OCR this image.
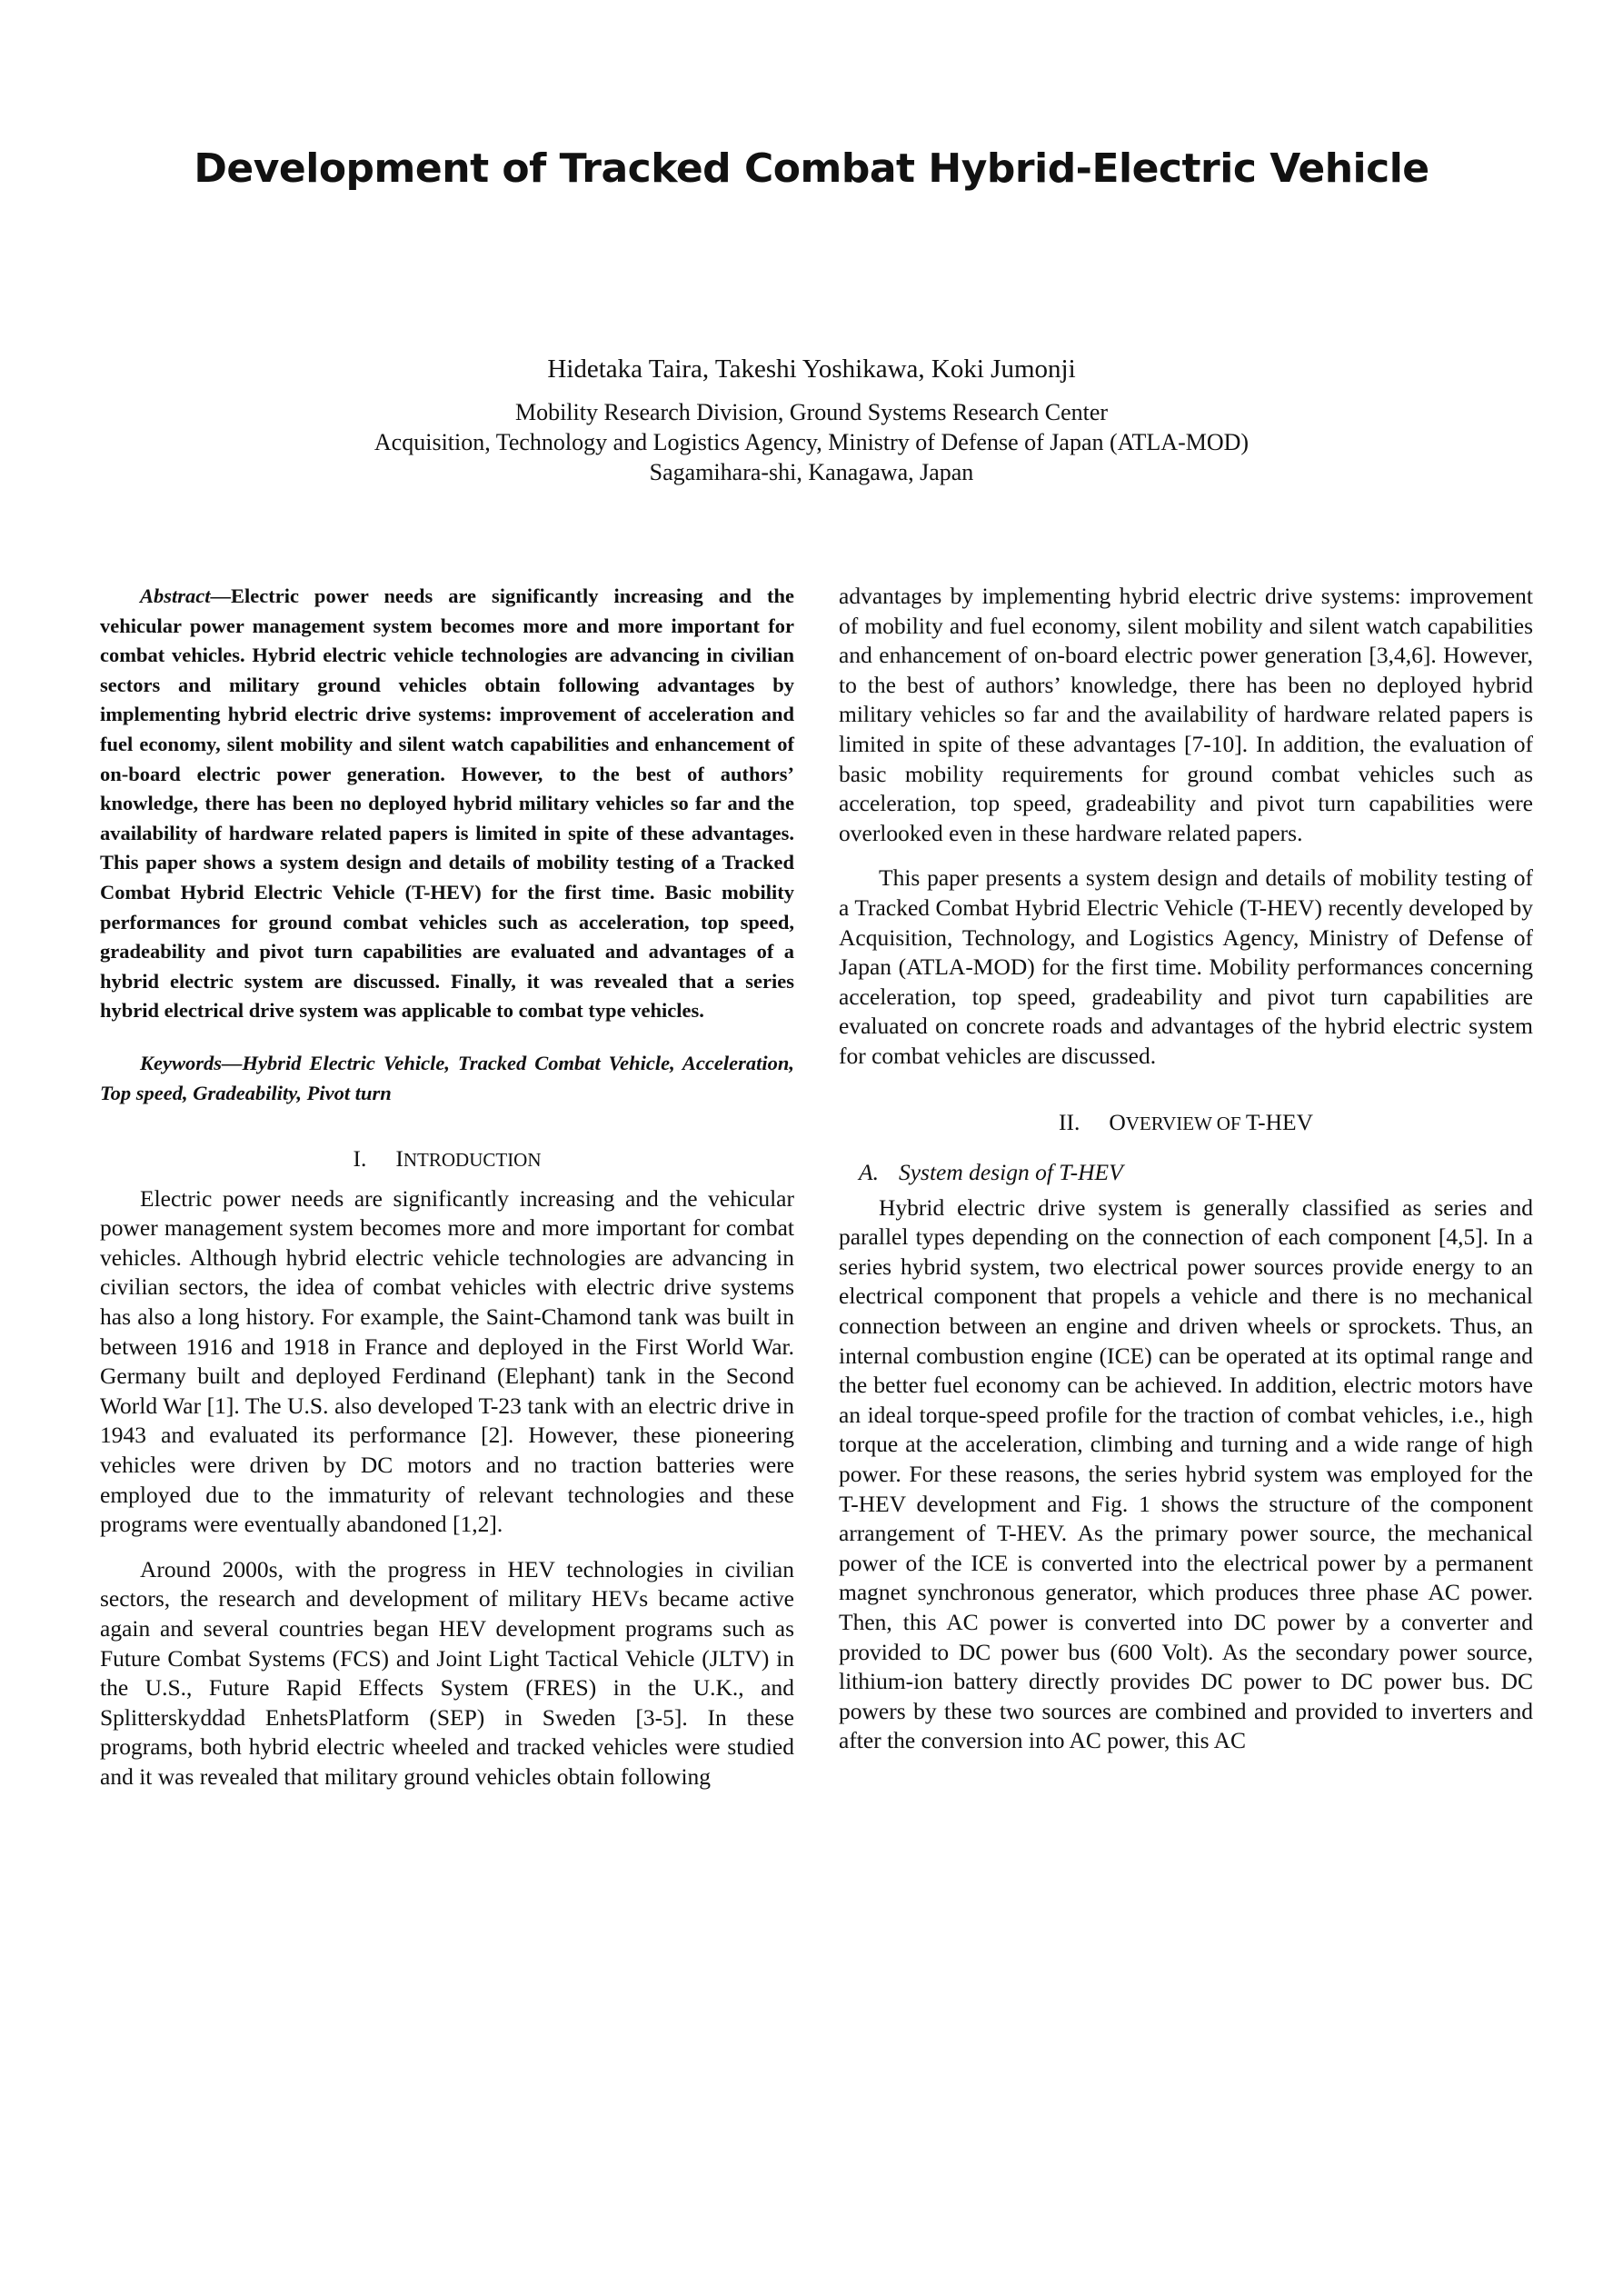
Development of Tracked Combat Hybrid-Electric Vehicle
Hidetaka Taira, Takeshi Yoshikawa, Koki Jumonji
Mobility Research Division, Ground Systems Research Center
Acquisition, Technology and Logistics Agency, Ministry of Defense of Japan (ATLA-MOD)
Sagamihara-shi, Kanagawa, Japan

Abstract—Electric power needs are significantly increasing and the vehicular power management system becomes more and more important for combat vehicles. Hybrid electric vehicle technologies are advancing in civilian sectors and military ground vehicles obtain following advantages by implementing hybrid electric drive systems: improvement of acceleration and fuel economy, silent mobility and silent watch capabilities and enhancement of on-board electric power generation. However, to the best of authors’ knowledge, there has been no deployed hybrid military vehicles so far and the availability of hardware related papers is limited in spite of these advantages. This paper shows a system design and details of mobility testing of a Tracked Combat Hybrid Electric Vehicle (T-HEV) for the first time. Basic mobility performances for ground combat vehicles such as acceleration, top speed, gradeability and pivot turn capabilities are evaluated and advantages of a hybrid electric system are discussed. Finally, it was revealed that a series hybrid electrical drive system was applicable to combat type vehicles.

Keywords—Hybrid Electric Vehicle, Tracked Combat Vehicle, Acceleration, Top speed, Gradeability, Pivot turn

I. INTRODUCTION

Electric power needs are significantly increasing and the vehicular power management system becomes more and more important for combat vehicles. Although hybrid electric vehicle technologies are advancing in civilian sectors, the idea of combat vehicles with electric drive systems has also a long history. For example, the Saint-Chamond tank was built in between 1916 and 1918 in France and deployed in the First World War. Germany built and deployed Ferdinand (Elephant) tank in the Second World War [1]. The U.S. also developed T-23 tank with an electric drive in 1943 and evaluated its performance [2]. However, these pioneering vehicles were driven by DC motors and no traction batteries were employed due to the immaturity of relevant technologies and these programs were eventually abandoned [1,2].

Around 2000s, with the progress in HEV technologies in civilian sectors, the research and development of military HEVs became active again and several countries began HEV development programs such as Future Combat Systems (FCS) and Joint Light Tactical Vehicle (JLTV) in the U.S., Future Rapid Effects System (FRES) in the U.K., and Splitterskyddad EnhetsPlatform (SEP) in Sweden [3-5]. In these programs, both hybrid electric wheeled and tracked vehicles were studied and it was revealed that military ground vehicles obtain following

advantages by implementing hybrid electric drive systems: improvement of mobility and fuel economy, silent mobility and silent watch capabilities and enhancement of on-board electric power generation [3,4,6]. However, to the best of authors’ knowledge, there has been no deployed hybrid military vehicles so far and the availability of hardware related papers is limited in spite of these advantages [7-10]. In addition, the evaluation of basic mobility requirements for ground combat vehicles such as acceleration, top speed, gradeability and pivot turn capabilities were overlooked even in these hardware related papers.

This paper presents a system design and details of mobility testing of a Tracked Combat Hybrid Electric Vehicle (T-HEV) recently developed by Acquisition, Technology, and Logistics Agency, Ministry of Defense of Japan (ATLA-MOD) for the first time. Mobility performances concerning acceleration, top speed, gradeability and pivot turn capabilities are evaluated on concrete roads and advantages of the hybrid electric system for combat vehicles are discussed.

II. OVERVIEW OF T-HEV
A. System design of T-HEV

Hybrid electric drive system is generally classified as series and parallel types depending on the connection of each component [4,5]. In a series hybrid system, two electrical power sources provide energy to an electrical component that propels a vehicle and there is no mechanical connection between an engine and driven wheels or sprockets. Thus, an internal combustion engine (ICE) can be operated at its optimal range and the better fuel economy can be achieved. In addition, electric motors have an ideal torque-speed profile for the traction of combat vehicles, i.e., high torque at the acceleration, climbing and turning and a wide range of high power. For these reasons, the series hybrid system was employed for the T-HEV development and Fig. 1 shows the structure of the component arrangement of T-HEV. As the primary power source, the mechanical power of the ICE is converted into the electrical power by a permanent magnet synchronous generator, which produces three phase AC power. Then, this AC power is converted into DC power by a converter and provided to DC power bus (600 Volt). As the secondary power source, lithium-ion battery directly provides DC power to DC power bus. DC powers by these two sources are combined and provided to inverters and after the conversion into AC power, this AC
